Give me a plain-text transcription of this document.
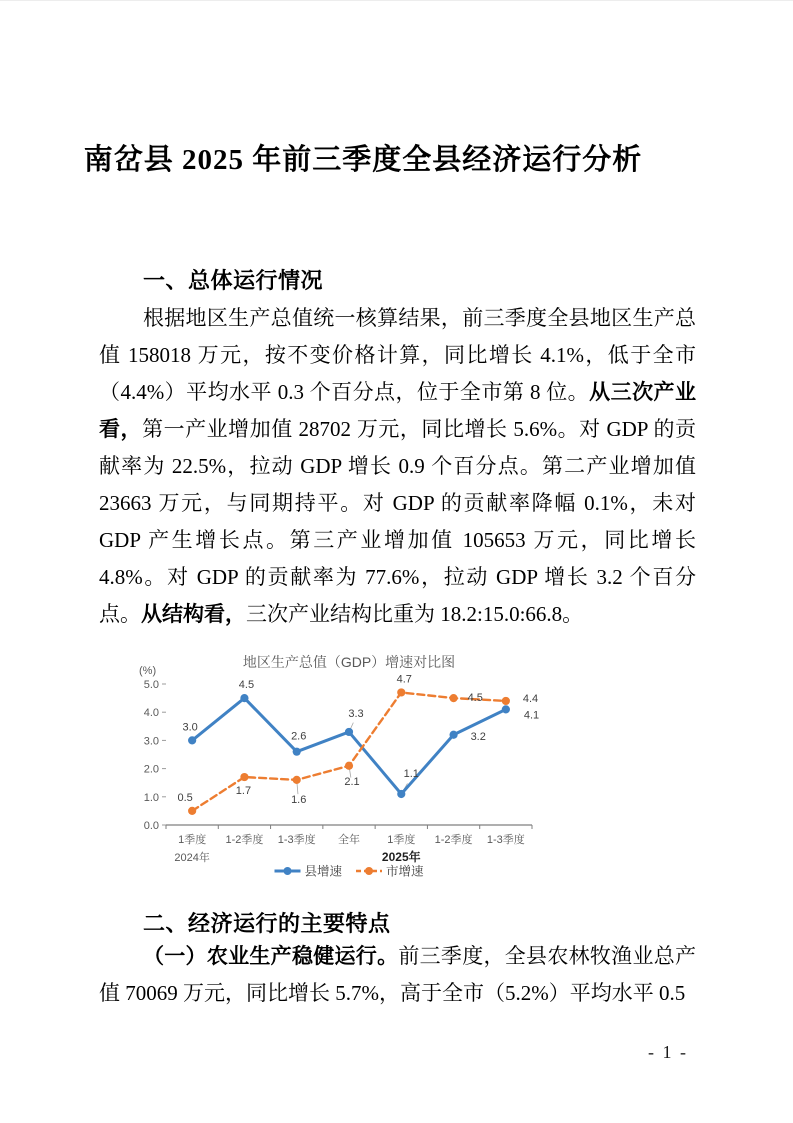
南岔县 2025 年前三季度全县经济运行分析
一、总体运行情况
根据地区生产总值统一核算结果，前三季度全县地区生产总值 158018 万元，按不变价格计算，同比增长 4.1%，低于全市（4.4%）平均水平 0.3 个百分点，位于全市第 8 位。从三次产业看，第一产业增加值 28702 万元，同比增长 5.6%。对 GDP 的贡献率为 22.5%，拉动 GDP 增长 0.9 个百分点。第二产业增加值 23663 万元，与同期持平。对 GDP 的贡献率降幅 0.1%，未对 GDP 产生增长点。第三产业增加值 105653 万元，同比增长 4.8%。对 GDP 的贡献率为 77.6%，拉动 GDP 增长 3.2 个百分点。从结构看，三次产业结构比重为 18.2:15.0:66.8。
地区生产总值（GDP）增速对比图
(%)
0.0
1.0
2.0
3.0
4.0
5.0
1季度 1-2季度 1-3季度 全年 1季度 1-2季度 1-3季度
2024年	2025年
3.0
4.5
2.6
3.3
1.1
3.2
4.1
0.5
1.7
1.6
2.1
4.7
4.5	4.4
县增速	市增速
二、经济运行的主要特点
（一）农业生产稳健运行。前三季度，全县农林牧渔业总产值 70069 万元，同比增长 5.7%，高于全市（5.2%）平均水平 0.5
- 1 -
